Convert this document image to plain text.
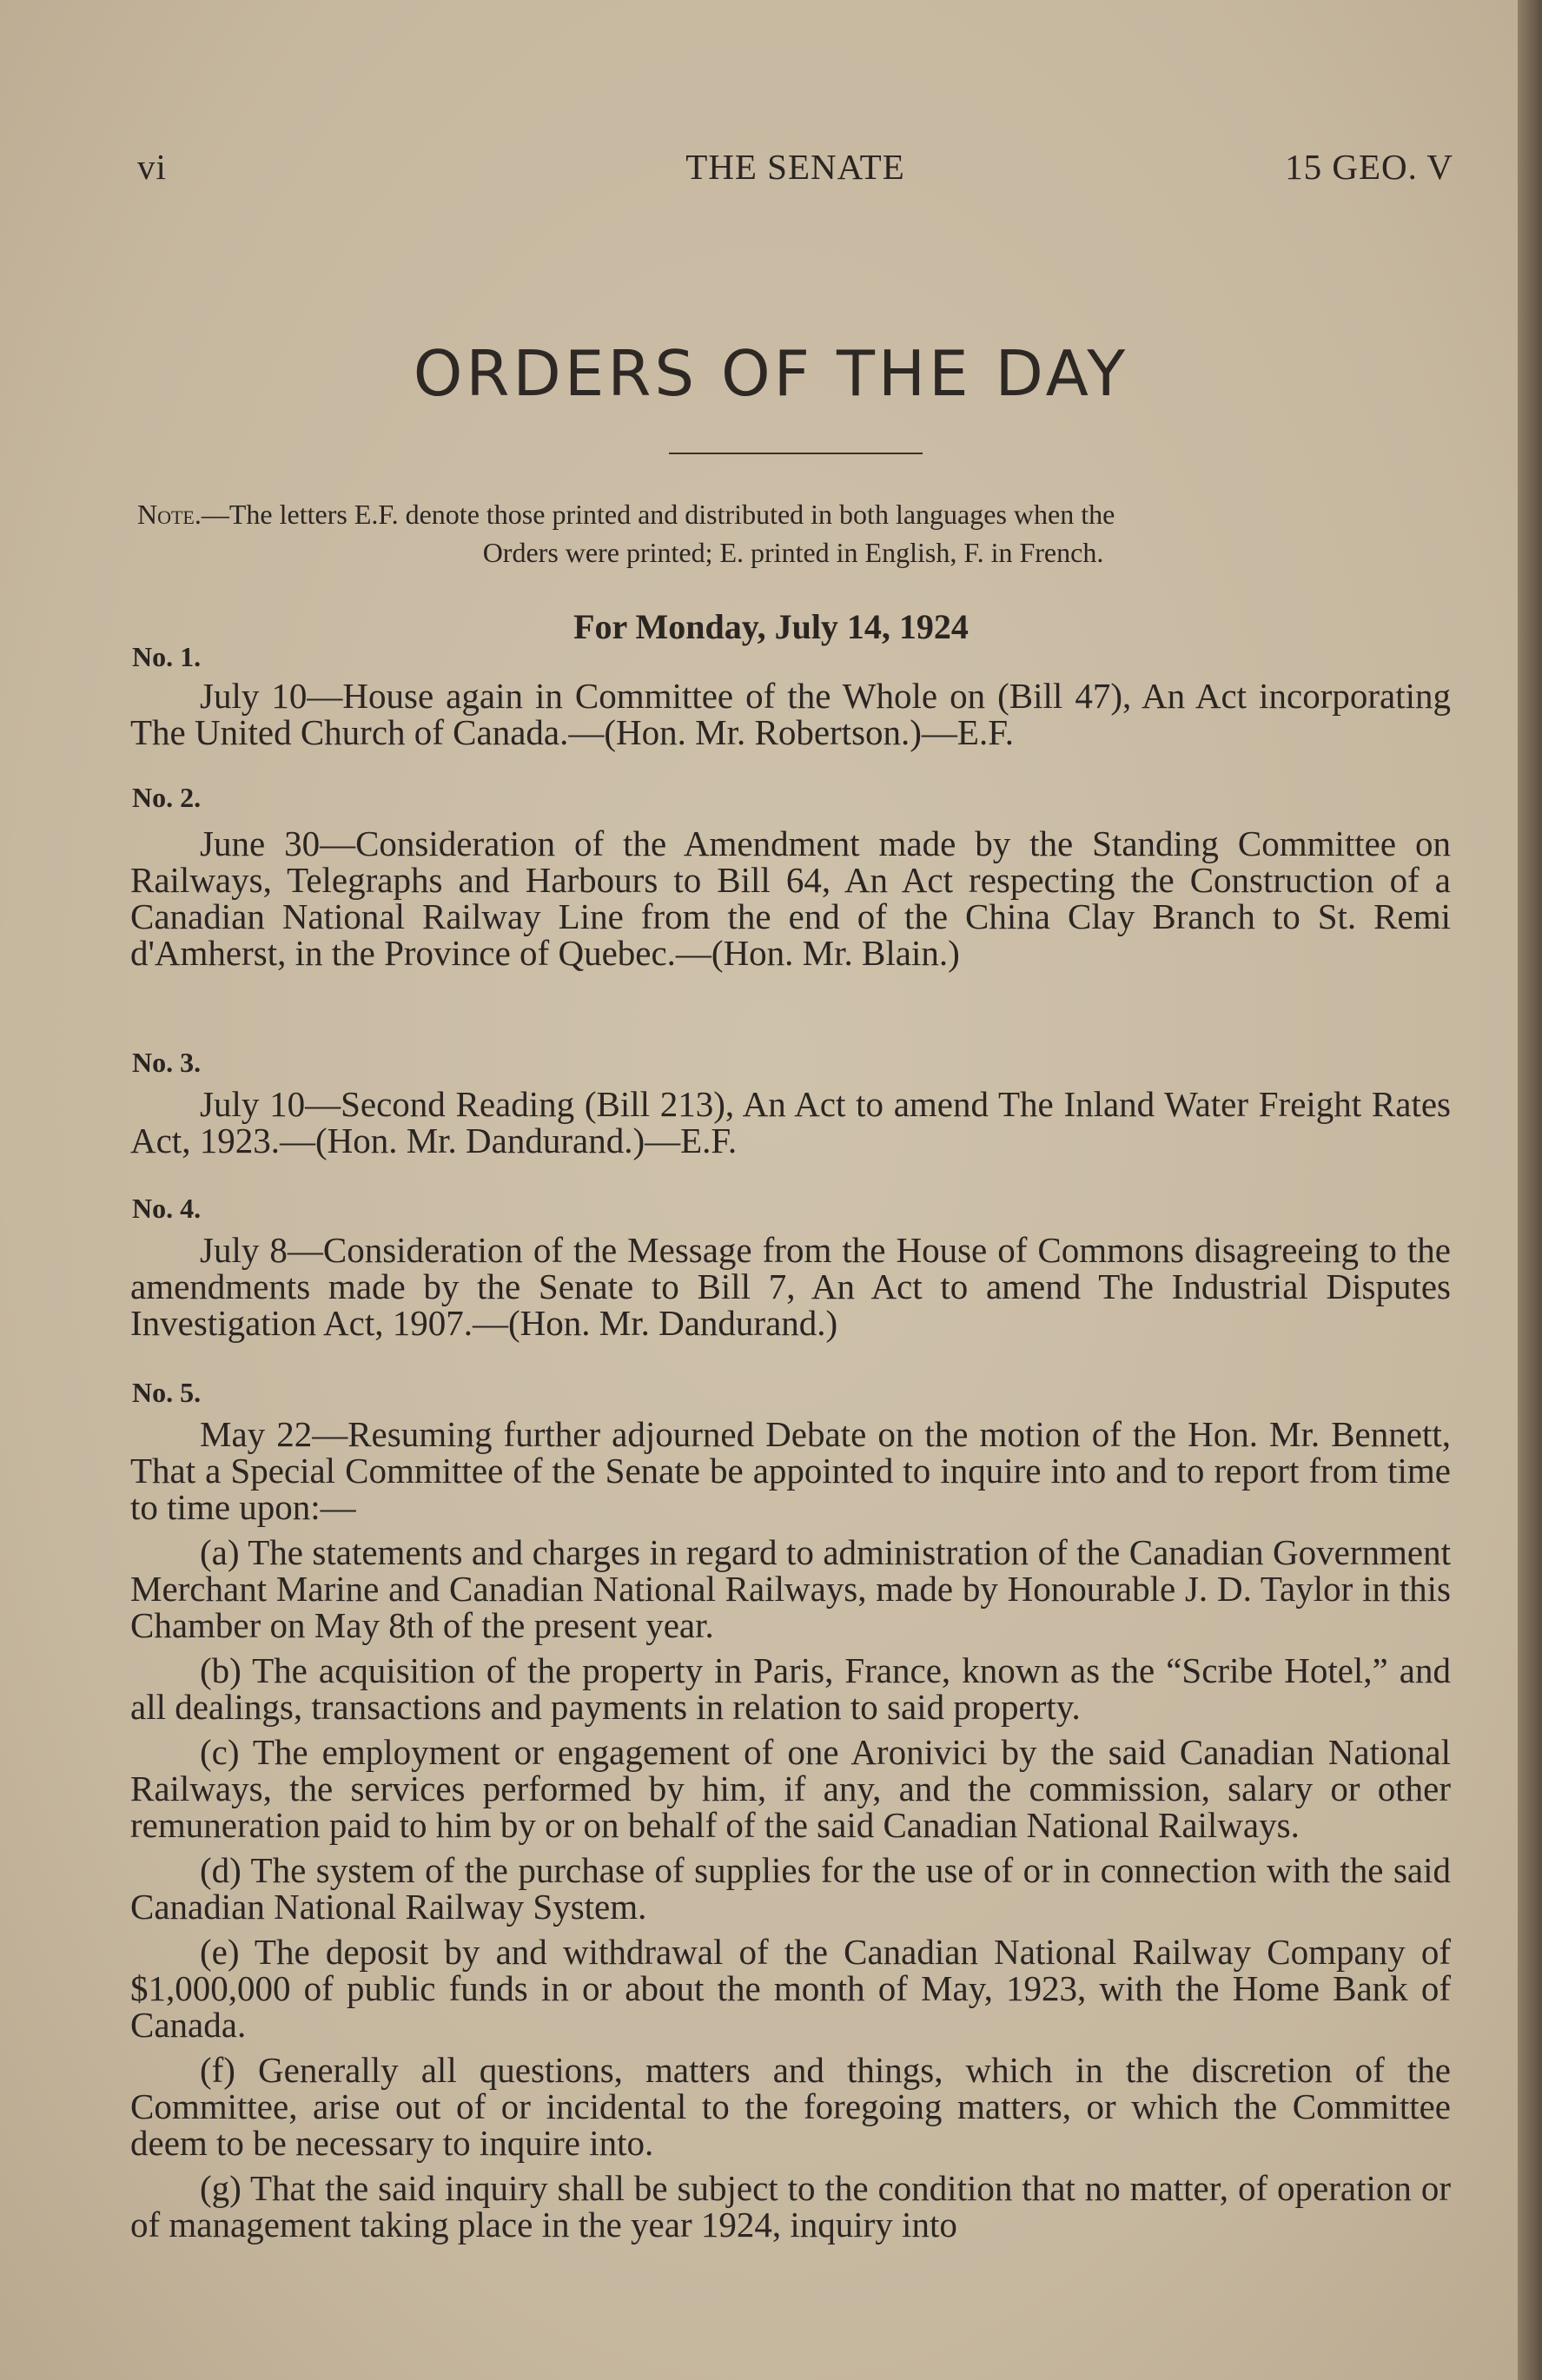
vi	THE SENATE	15 GEO. V
ORDERS OF THE DAY
Note.—The letters E.F. denote those printed and distributed in both languages when the
Orders were printed; E. printed in English, F. in French.
For Monday, July 14, 1924
No. 1.

July 10—House again in Committee of the Whole on (Bill 47), An Act incorporating The United Church of Canada.—(Hon. Mr. Robertson.)—E.F.

No. 2.

June 30—Consideration of the Amendment made by the Standing Committee on Railways, Telegraphs and Harbours to Bill 64, An Act respecting the Construction of a Canadian National Railway Line from the end of the China Clay Branch to St. Remi d'Amherst, in the Province of Quebec.—(Hon. Mr. Blain.)

No. 3.

July 10—Second Reading (Bill 213), An Act to amend The Inland Water Freight Rates Act, 1923.—(Hon. Mr. Dandurand.)—E.F.

No. 4.

July 8—Consideration of the Message from the House of Commons disagreeing to the amendments made by the Senate to Bill 7, An Act to amend The Industrial Disputes Investigation Act, 1907.—(Hon. Mr. Dandurand.)

No. 5.

May 22—Resuming further adjourned Debate on the motion of the Hon. Mr. Bennett, That a Special Committee of the Senate be appointed to inquire into and to report from time to time upon:—

(a) The statements and charges in regard to administration of the Canadian Government Merchant Marine and Canadian National Railways, made by Honourable J. D. Taylor in this Chamber on May 8th of the present year.

(b) The acquisition of the property in Paris, France, known as the “Scribe Hotel,” and all dealings, transactions and payments in relation to said property.

(c) The employment or engagement of one Aronivici by the said Canadian National Railways, the services performed by him, if any, and the commission, salary or other remuneration paid to him by or on behalf of the said Canadian National Railways.

(d) The system of the purchase of supplies for the use of or in connection with the said Canadian National Railway System.

(e) The deposit by and withdrawal of the Canadian National Railway Company of $1,000,000 of public funds in or about the month of May, 1923, with the Home Bank of Canada.

(f) Generally all questions, matters and things, which in the discretion of the Committee, arise out of or incidental to the foregoing matters, or which the Committee deem to be necessary to inquire into.

(g) That the said inquiry shall be subject to the condition that no matter, of operation or of management taking place in the year 1924, inquiry into
